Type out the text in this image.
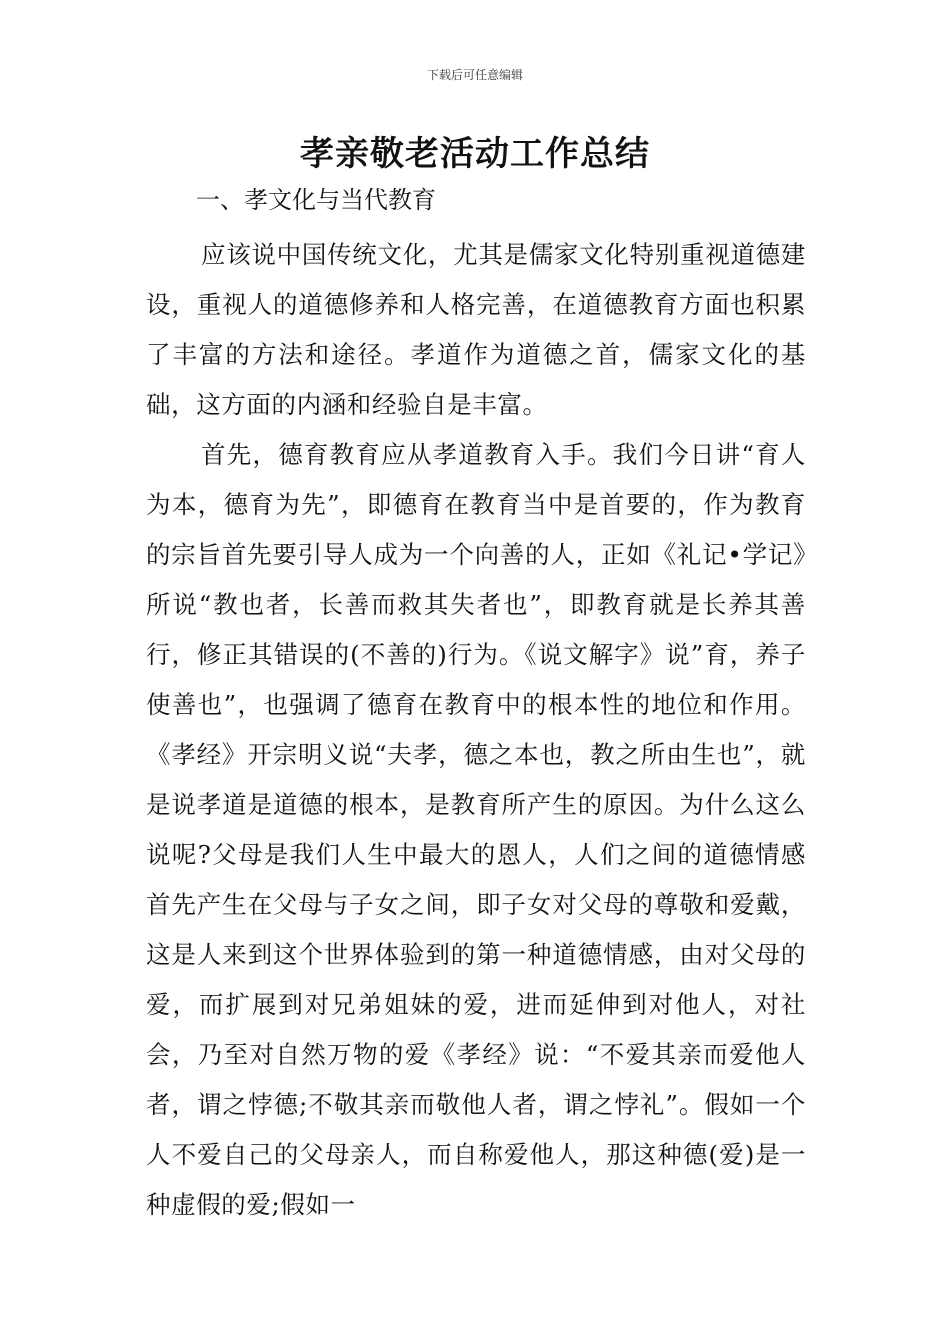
下载后可任意编辑
孝亲敬老活动工作总结
一、孝文化与当代教育

应该说中国传统文化，尤其是儒家文化特别重视道德建设，重视人的道德修养和人格完善，在道德教育方面也积累了丰富的方法和途径。孝道作为道德之首，儒家文化的基础，这方面的内涵和经验自是丰富。

首先，德育教育应从孝道教育入手。我们今日讲“育人为本，德育为先”，即德育在教育当中是首要的，作为教育的宗旨首先要引导人成为一个向善的人，正如《礼记•学记》所说“教也者，长善而救其失者也”，即教育就是长养其善行，修正其错误的(不善的)行为。《说文解字》说”育，养子使善也”，也强调了德育在教育中的根本性的地位和作用。《孝经》开宗明义说“夫孝，德之本也，教之所由生也”，就是说孝道是道德的根本，是教育所产生的原因。为什么这么说呢?父母是我们人生中最大的恩人，人们之间的道德情感首先产生在父母与子女之间，即子女对父母的尊敬和爱戴，这是人来到这个世界体验到的第一种道德情感，由对父母的爱，而扩展到对兄弟姐妹的爱，进而延伸到对他人，对社会，乃至对自然万物的爱《孝经》说：“不爱其亲而爱他人者，谓之悖德;不敬其亲而敬他人者，谓之悖礼”。假如一个人不爱自己的父母亲人，而自称爱他人，那这种德(爱)是一种虚假的爱;假如一
